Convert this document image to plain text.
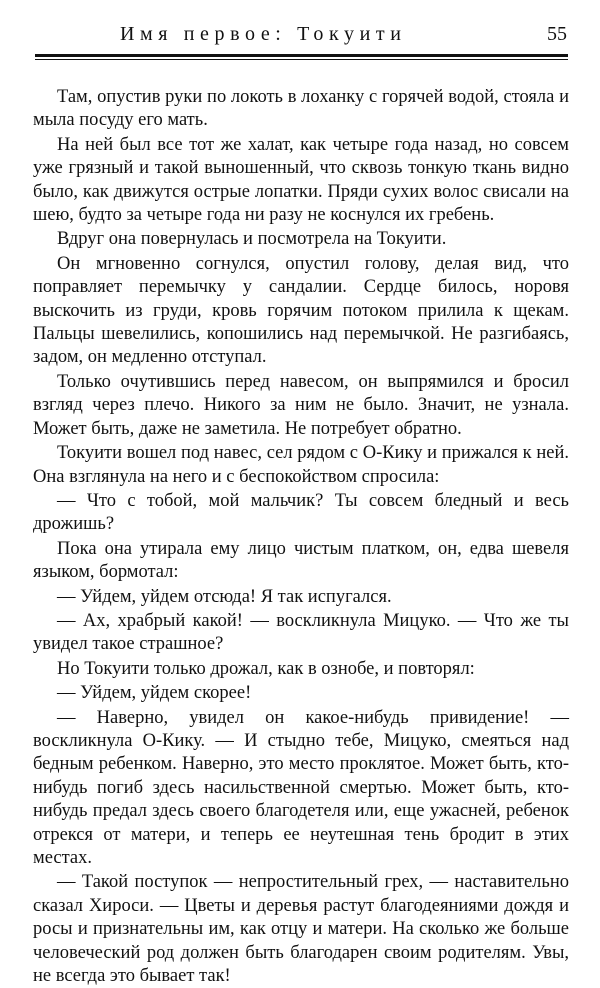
Имя первое: Токуити	55

Там, опустив руки по локоть в лоханку с горячей водой, стояла и мыла посуду его мать.

На ней был все тот же халат, как четыре года назад, но совсем уже грязный и такой выношенный, что сквозь тонкую ткань видно было, как движутся острые лопатки. Пряди сухих волос свисали на шею, будто за четыре года ни разу не коснулся их гребень.

Вдруг она повернулась и посмотрела на Токуити.

Он мгновенно согнулся, опустил голову, делая вид, что поправляет перемычку у сандалии. Сердце билось, норовя выскочить из груди, кровь горячим потоком прилила к щекам. Пальцы шевелились, копошились над перемычкой. Не разгибаясь, задом, он медленно отступал.

Только очутившись перед навесом, он выпрямился и бросил взгляд через плечо. Никого за ним не было. Значит, не узнала. Может быть, даже не заметила. Не потребует обратно.

Токуити вошел под навес, сел рядом с О-Кику и прижался к ней. Она взглянула на него и с беспокойством спросила:

— Что с тобой, мой мальчик? Ты совсем бледный и весь дрожишь?

Пока она утирала ему лицо чистым платком, он, едва шевеля языком, бормотал:

— Уйдем, уйдем отсюда! Я так испугался.

— Ах, храбрый какой! — воскликнула Мицуко. — Что же ты увидел такое страшное?

Но Токуити только дрожал, как в ознобе, и повторял:

— Уйдем, уйдем скорее!

— Наверно, увидел он какое-нибудь привидение! — воскликнула О-Кику. — И стыдно тебе, Мицуко, смеяться над бедным ребенком. Наверно, это место проклятое. Может быть, кто-нибудь погиб здесь насильственной смертью. Может быть, кто-нибудь предал здесь своего благодетеля или, еще ужасней, ребенок отрекся от матери, и теперь ее неутешная тень бродит в этих местах.

— Такой поступок — непростительный грех, — наставительно сказал Хироси. — Цветы и деревья растут благодеяниями дождя и росы и признательны им, как отцу и матери. На сколько же больше человеческий род должен быть благодарен своим родителям. Увы, не всегда это бывает так!
